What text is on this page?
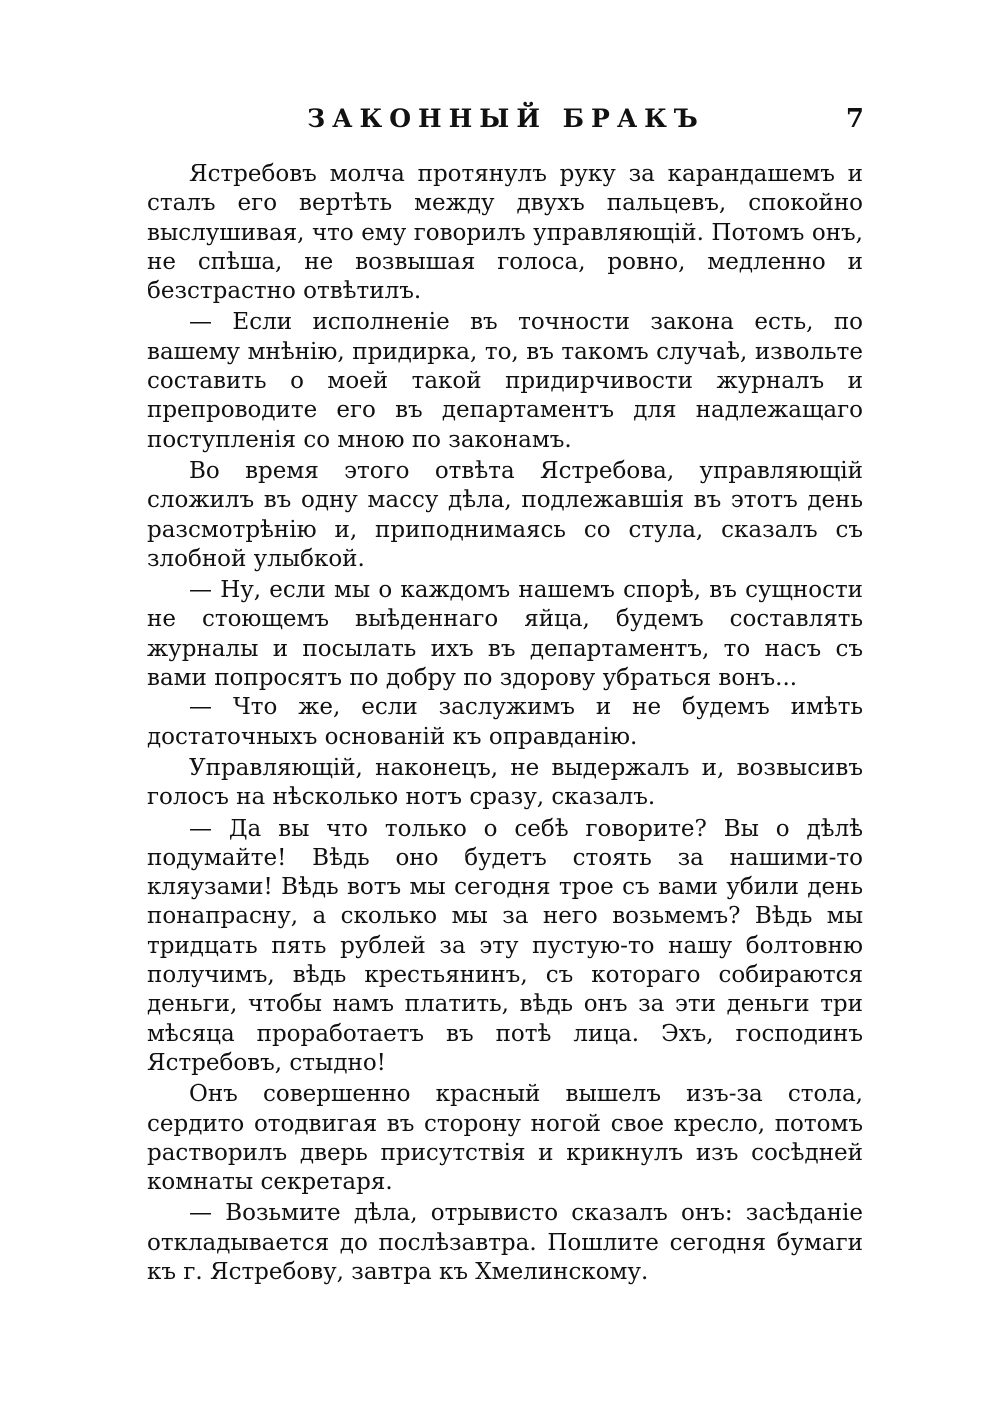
ЗАКОННЫЙ БРАКЪ	7

Ястребовъ молча протянулъ руку за карандашемъ и сталъ его вертѣть между двухъ пальцевъ, спокойно выслушивая, что ему говорилъ управляющій. Потомъ онъ, не спѣша, не возвышая голоса, ровно, медленно и безстрастно отвѣтилъ.

— Если исполненіе въ точности закона есть, по вашему мнѣнію, придирка, то, въ такомъ случаѣ, извольте составить о моей такой придирчивости журналъ и препроводите его въ департаментъ для надлежащаго поступленія со мною по законамъ.

Во время этого отвѣта Ястребова, управляющій сложилъ въ одну массу дѣла, подлежавшія въ этотъ день разсмотрѣнію и, приподнимаясь со стула, сказалъ съ злобной улыбкой.

— Ну, если мы о каждомъ нашемъ спорѣ, въ сущности не стоющемъ выѣденнаго яйца, будемъ составлять журналы и посылать ихъ въ департаментъ, то насъ съ вами попросятъ по добру по здорову убраться вонъ...

— Что же, если заслужимъ и не будемъ имѣть достаточныхъ основаній къ оправданію.

Управляющій, наконецъ, не выдержалъ и, возвысивъ голосъ на нѣсколько нотъ сразу, сказалъ.

— Да вы что только о себѣ говорите? Вы о дѣлѣ подумайте! Вѣдь оно будетъ стоять за нашими-то кляузами! Вѣдь вотъ мы сегодня трое съ вами убили день понапрасну, а сколько мы за него возьмемъ? Вѣдь мы тридцать пять рублей за эту пустую-то нашу болтовню получимъ, вѣдь крестьянинъ, съ котораго собираются деньги, чтобы намъ платить, вѣдь онъ за эти деньги три мѣсяца проработаетъ въ потѣ лица. Эхъ, господинъ Ястребовъ, стыдно!

Онъ совершенно красный вышелъ изъ-за стола, сердито отодвигая въ сторону ногой свое кресло, потомъ растворилъ дверь присутствія и крикнулъ изъ сосѣдней комнаты секретаря.

— Возьмите дѣла, отрывисто сказалъ онъ: засѣданіе откладывается до послѣзавтра. Пошлите сегодня бумаги къ г. Ястребову, завтра къ Хмелинскому.
